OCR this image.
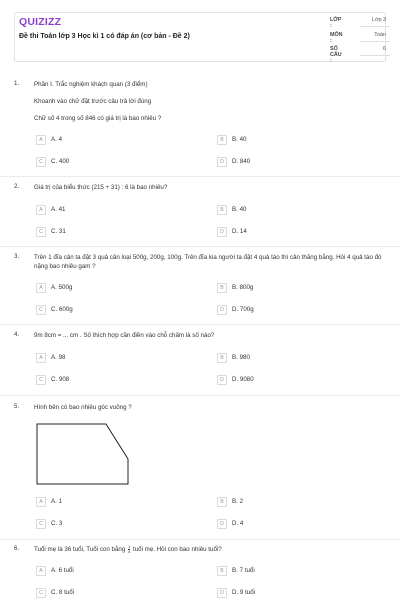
QUIZIZZ
Đề thi Toán lớp 3 Học kì 1 có đáp án (cơ bản - Đề 2)
LỚP :
Lớp 3
MÔN :
Toán
SỐ CÂU :
6
1. Phần I. Trắc nghiệm khách quan (3 điểm)
Khoanh vào chữ đặt trước câu trả lời đúng
Chữ số 4 trong số 846 có giá trị là bao nhiêu ?
A	A. 4	B	B. 40
C	C. 400	D	D. 840
2. Giá trị của biểu thức (215 + 31) : 6 là bao nhiêu?
A	A. 41	B	B. 40
C	C. 31	D	D. 14
3. Trên 1 đĩa cân ta đặt 3 quả cân loại 500g, 200g, 100g. Trên đĩa kia người ta đặt 4 quả táo thì cân thăng bằng. Hỏi 4 quả táo đó nặng bao nhiêu gam ?
A	A. 500g	B	B. 800g
C	C. 600g	D	D. 700g
4. 9m 8cm = ... cm . Số thích hợp cần điền vào chỗ chấm là số nào?
A	A. 98	B	B. 980
C	C. 908	D	D. 9080
5. Hình bên có bao nhiêu góc vuông ?
A	A. 1	B	B. 2
C	C. 3	D	D. 4
6. Tuổi mẹ là 36 tuổi, Tuổi con bằng $\frac{1}{4}$ tuổi mẹ. Hỏi con bao nhiêu tuổi?
A	A. 6 tuổi	B	B. 7 tuổi
C	C. 8 tuổi	D	D. 9 tuổi
